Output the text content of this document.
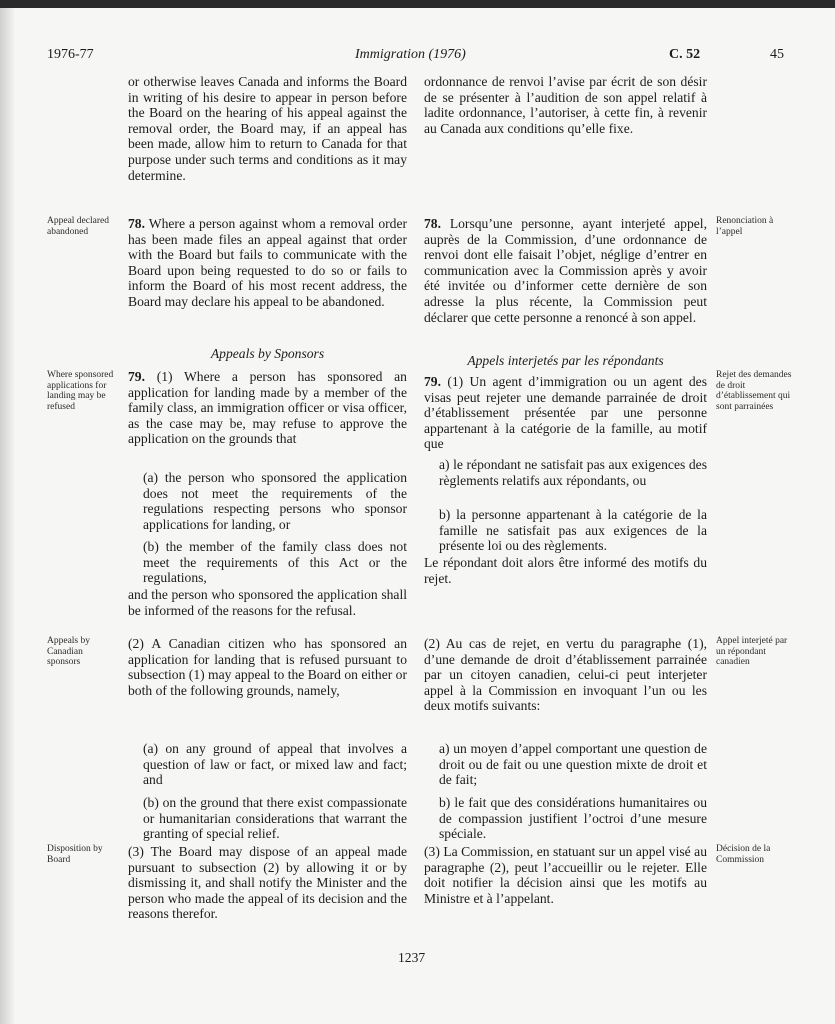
1976-77	Immigration (1976)	C. 52	45

or otherwise leaves Canada and informs the Board in writing of his desire to appear in person before the Board on the hearing of his appeal against the removal order, the Board may, if an appeal has been made, allow him to return to Canada for that purpose under such terms and conditions as it may determine.

78. Where a person against whom a removal order has been made files an appeal against that order with the Board but fails to communicate with the Board upon being requested to do so or fails to inform the Board of his most recent address, the Board may declare his appeal to be abandoned.

Appeals by Sponsors

79. (1) Where a person has sponsored an application for landing made by a member of the family class, an immigration officer or visa officer, as the case may be, may refuse to approve the application on the grounds that

(a) the person who sponsored the application does not meet the requirements of the regulations respecting persons who sponsor applications for landing, or

(b) the member of the family class does not meet the requirements of this Act or the regulations,

and the person who sponsored the application shall be informed of the reasons for the refusal.

(2) A Canadian citizen who has sponsored an application for landing that is refused pursuant to subsection (1) may appeal to the Board on either or both of the following grounds, namely,

(a) on any ground of appeal that involves a question of law or fact, or mixed law and fact; and

(b) on the ground that there exist compassionate or humanitarian considerations that warrant the granting of special relief.

(3) The Board may dispose of an appeal made pursuant to subsection (2) by allowing it or by dismissing it, and shall notify the Minister and the person who made the appeal of its decision and the reasons therefor.

ordonnance de renvoi l’avise par écrit de son désir de se présenter à l’audition de son appel relatif à ladite ordonnance, l’autoriser, à cette fin, à revenir au Canada aux conditions qu’elle fixe.

78. Lorsqu’une personne, ayant interjeté appel, auprès de la Commission, d’une ordonnance de renvoi dont elle faisait l’objet, néglige d’entrer en communication avec la Commission après y avoir été invitée ou d’informer cette dernière de son adresse la plus récente, la Commission peut déclarer que cette personne a renoncé à son appel.

Appels interjetés par les répondants

79. (1) Un agent d’immigration ou un agent des visas peut rejeter une demande parrainée de droit d’établissement présentée par une personne appartenant à la catégorie de la famille, au motif que

a) le répondant ne satisfait pas aux exigences des règlements relatifs aux répondants, ou

b) la personne appartenant à la catégorie de la famille ne satisfait pas aux exigences de la présente loi ou des règlements.

Le répondant doit alors être informé des motifs du rejet.

(2) Au cas de rejet, en vertu du paragraphe (1), d’une demande de droit d’établissement parrainée par un citoyen canadien, celui-ci peut interjeter appel à la Commission en invoquant l’un ou les deux motifs suivants:

a) un moyen d’appel comportant une question de droit ou de fait ou une question mixte de droit et de fait;

b) le fait que des considérations humanitaires ou de compassion justifient l’octroi d’une mesure spéciale.

(3) La Commission, en statuant sur un appel visé au paragraphe (2), peut l’accueillir ou le rejeter. Elle doit notifier la décision ainsi que les motifs au Ministre et à l’appelant.

Appeal declared abandoned

Where sponsored applications for landing may be refused

Appeals by Canadian sponsors

Disposition by Board

Renonciation à l’appel

Rejet des demandes de droit d’établissement qui sont parrainées

Appel interjeté par un répondant canadien

Décision de la Commission

1237
